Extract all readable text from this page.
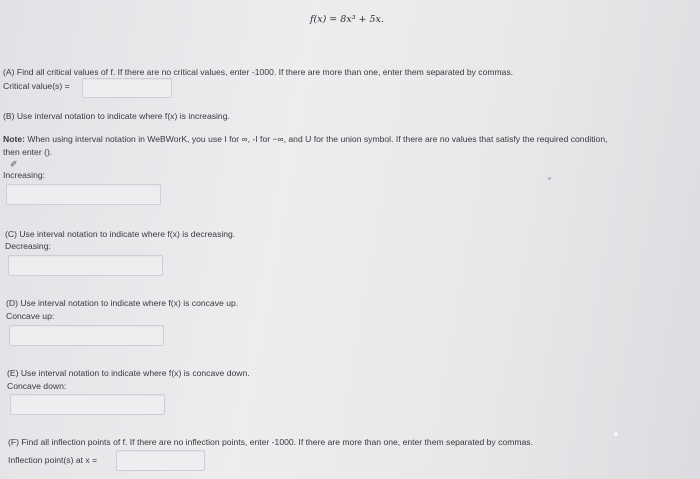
f(x) = 8x³ + 5x.
(A) Find all critical values of f. If there are no critical values, enter -1000. If there are more than one, enter them separated by commas.
Critical value(s) =
(B) Use interval notation to indicate where f(x) is increasing.
Note: When using interval notation in WeBWorK, you use I for ∞, -I for −∞, and U for the union symbol. If there are no values that satisfy the required condition,
then enter ().
✐
Increasing:
(C) Use interval notation to indicate where f(x) is decreasing.
Decreasing:
(D) Use interval notation to indicate where f(x) is concave up.
Concave up:
(E) Use interval notation to indicate where f(x) is concave down.
Concave down:
(F) Find all inflection points of f. If there are no inflection points, enter -1000. If there are more than one, enter them separated by commas.
Inflection point(s) at x =
